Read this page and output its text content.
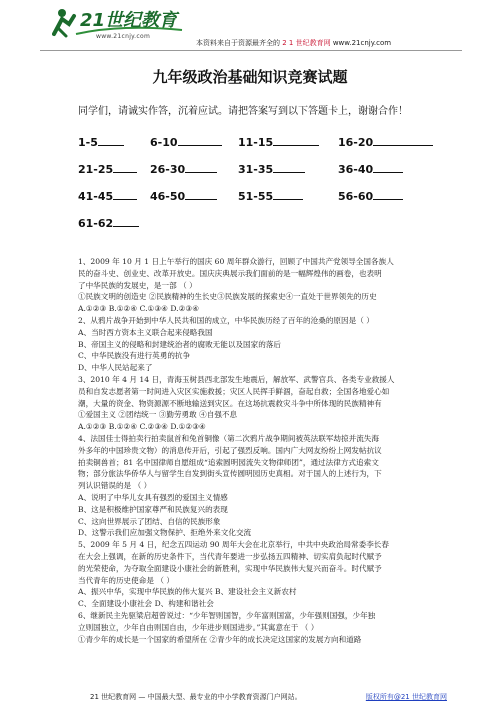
21世纪教育
www.21cnjy.com
本资料来自于资源最齐全的 2 1 世纪教育网 www.21cnjy.com
九年级政治基础知识竞赛试题
同学们，请诚实作答，沉着应试。请把答案写到以下答题卡上，谢谢合作！
1-5	6-10	11-15	16-20
21-25	26-30	31-35	36-40
41-45	46-50	51-55	56-60
61-62

1、2009 年 10 月 1 日上午举行的国庆 60 周年群众游行，回顾了中国共产党领导全国各族人

民的奋斗史、创业史、改革开放史。国庆庆典展示我们面前的是一幅辉煌伟的画卷，也表明

了中华民族的发展史，是一部 （ ）

①民族文明的创造史 ②民族精神的生长史③民族发展的探索史④一直处于世界领先的历史

A.①②③ B.①②④ C.①③④ D.②③④

2、从鸦片战争开始到中华人民共和国的成立，中华民族历经了百年的沧桑的原因是（ ）

A、当时西方资本主义联合起来侵略我国

B、帝国主义的侵略和封建统治者的腐败无能以及国家的落后

C、中华民族没有进行英勇的抗争

D、中华人民站起来了

3、2010 年 4 月 14 日，青海玉树县西北部发生地震后，解放军、武警官兵、各类专业救援人

员和自发志愿者第一时间进入灾区实施救援；灾区人民挥手鲜涸，奋起自救；全国各地爱心如

潮，大量的资金、物资源源不断地输送到灾区。在这场抗震救灾斗争中所体现的民族精神有

①爱国主义 ②团结统一 ③勤劳勇敢 ④自强不息

A.①②③ B.①②④ C.②③④ D.①②③④

4、法国佳士得拍卖行拍卖鼠首和兔首铜像（第二次鸦片战争期间被英法联军劫掠并流失海

外多年的中国珍贵文物）的消息传开后，引起了强烈反响。国内广大网友纷纷上网发帖抗议

拍卖铜兽首；81 名中国律师自愿组成“追索圆明园流失文物律师团”，通过法律方式追索文

物；部分旅法华侨华人与留学生自发到街头宣传圆明园历史真相。对于国人的上述行为，下

列认识错误的是 （ ）

A、说明了中华儿女具有强烈的爱国主义情感

B、这是积极维护国家尊严和民族复兴的表现

C、这向世界展示了团结、自信的民族形象

D、这警示我们应加强文物保护、拒绝外来文化交流

5、2009 年 5 月 4 日，纪念五四运动 90 周年大会在北京举行，中共中央政治局常委李长春

在大会上强调，在新的历史条件下，当代青年要进一步弘扬五四精神、切实肩负起时代赋予

的光荣使命，为夺取全面建设小康社会的新胜利，实现中华民族伟大复兴而奋斗。时代赋予

当代青年的历史使命是 （ ）

A、振兴中华，实现中华民族的伟大复兴 B、建设社会主义新农村

C、全面建设小康社会 D、构建和谐社会

6、继新民主先驱梁启超曾说过：“少年智则国智，少年富则国富，少年强则国强，少年独

立则国独立，少年自由则国自由，少年进步则国进步。”其寓意在于 （ ）

①青少年的成长是一个国家的希望所在 ②青少年的成长决定这国家的发展方向和道路

21 世纪教育网 — 中国最大型、最专业的中小学教育资源门户网站。	版权所有@21 世纪教育网
